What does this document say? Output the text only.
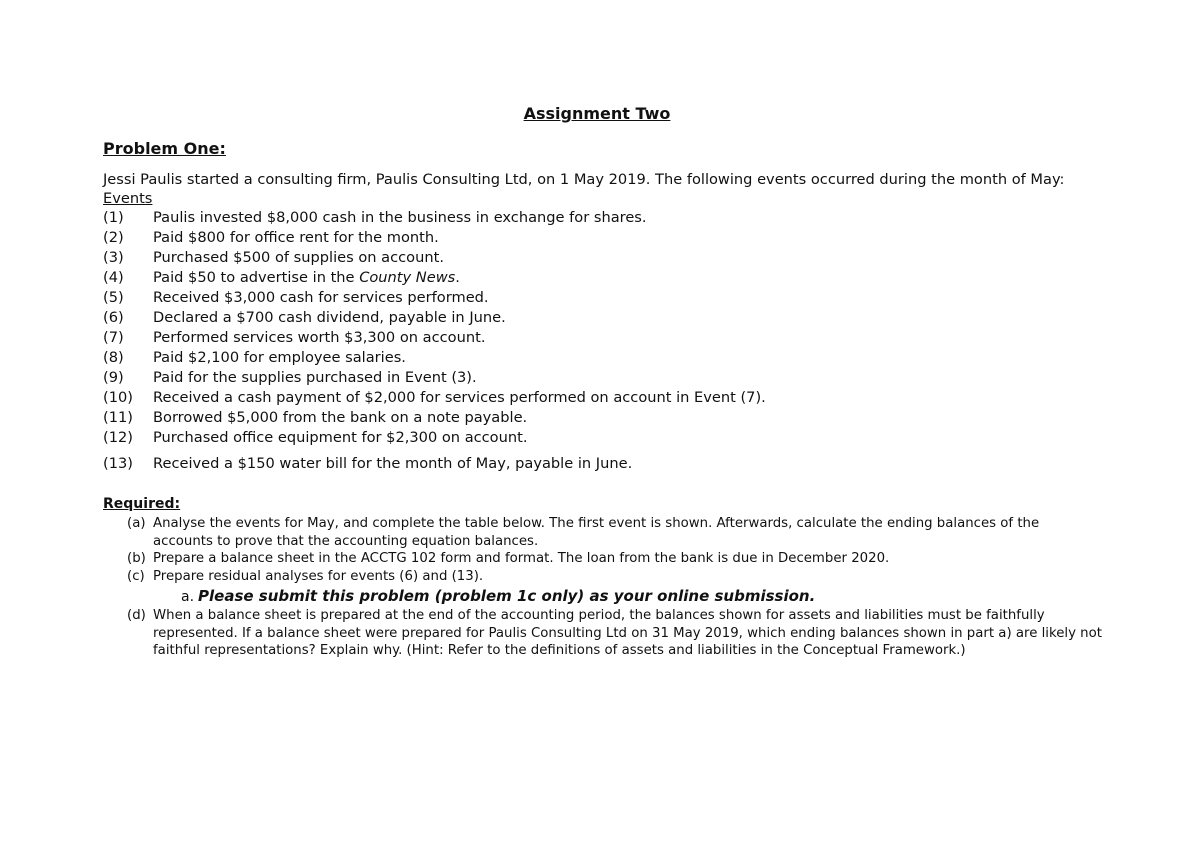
Assignment Two
Problem One:
Jessi Paulis started a consulting firm, Paulis Consulting Ltd, on 1 May 2019. The following events occurred during the month of May: Events
(1) Paulis invested $8,000 cash in the business in exchange for shares.
(2) Paid $800 for office rent for the month.
(3) Purchased $500 of supplies on account.
(4) Paid $50 to advertise in the County News.
(5) Received $3,000 cash for services performed.
(6) Declared a $700 cash dividend, payable in June.
(7) Performed services worth $3,300 on account.
(8) Paid $2,100 for employee salaries.
(9) Paid for the supplies purchased in Event (3).
(10) Received a cash payment of $2,000 for services performed on account in Event (7).
(11) Borrowed $5,000 from the bank on a note payable.
(12) Purchased office equipment for $2,300 on account.
(13) Received a $150 water bill for the month of May, payable in June.
Required:
(a) Analyse the events for May, and complete the table below. The first event is shown. Afterwards, calculate the ending balances of the accounts to prove that the accounting equation balances.
(b) Prepare a balance sheet in the ACCTG 102 form and format. The loan from the bank is due in December 2020.
(c) Prepare residual analyses for events (6) and (13).
a. Please submit this problem (problem 1c only) as your online submission.
(d) When a balance sheet is prepared at the end of the accounting period, the balances shown for assets and liabilities must be faithfully represented. If a balance sheet were prepared for Paulis Consulting Ltd on 31 May 2019, which ending balances shown in part a) are likely not faithful representations? Explain why. (Hint: Refer to the definitions of assets and liabilities in the Conceptual Framework.)
